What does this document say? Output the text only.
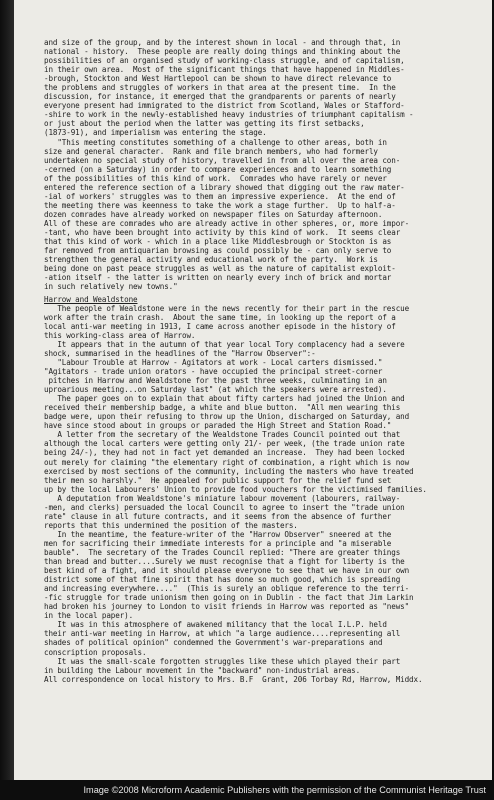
and size of the group, and by the interest shown in local - and through that, in
national - history.  These people are really doing things and thinking about the
possibilities of an organised study of working-class struggle, and of capitalism,
in their own area.  Most of the significant things that have happened in Middles-
-brough, Stockton and West Hartlepool can be shown to have direct relevance to
the problems and struggles of workers in that area at the present time.  In the
discussion, for instance, it emerged that the grandparents or parents of nearly
everyone present had immigrated to the district from Scotland, Wales or Stafford-
-shire to work in the newly-established heavy industries of triumphant capitalism -
or just about the period when the latter was getting its first setbacks,
(1873-91), and imperialism was entering the stage.
"This meeting constitutes something of a challenge to other areas, both in
size and general character.  Rank and file branch members, who had formerly
undertaken no special study of history, travelled in from all over the area con-
-cerned (on a Saturday) in order to compare experiences and to learn something
of the possibilities of this kind of work.  Comrades who have rarely or never
entered the reference section of a library showed that digging out the raw mater-
-ial of workers' struggles was to them an impressive experience.  At the end of
the meeting there was keenness to take the work a stage further.  Up to half-a-
dozen comrades have already worked on newspaper files on Saturday afternoon.
All of these are comrades who are already active in other spheres, or, more impor-
-tant, who have been brought into activity by this kind of work.  It seems clear
that this kind of work - which in a place like Middlesbrough or Stockton is as
far removed from antiquarian browsing as could possibly be - can only serve to
strengthen the general activity and educational work of the party.  Work is
being done on past peace struggles as well as the nature of capitalist exploit-
-ation itself - the latter is written on nearly every inch of brick and mortar
in such relatively new towns."
Harrow and Wealdstone
The people of Wealdstone were in the news recently for their part in the rescue
work after the train crash.  About the same time, in looking up the report of a
local anti-war meeting in 1913, I came across another episode in the history of
this working-class area of Harrow.
It appears that in the autumn of that year local Tory complacency had a severe
shock, summarised in the headlines of the "Harrow Observer":-
"Labour Trouble at Harrow - Agitators at work - Local carters dismissed."
"Agitators - trade union orators - have occupied the principal street-corner
pitches in Harrow and Wealdstone for the past three weeks, culminating in an
uproarious meeting...on Saturday last" (at which the speakers were arrested).
The paper goes on to explain that about fifty carters had joined the Union and
received their membership badge, a white and blue button.  "All men wearing this
badge were, upon their refusing to throw up the Union, discharged on Saturday, and
have since stood about in groups or paraded the High Street and Station Road."
A letter from the secretary of the Wealdstone Trades Council pointed out that
although the local carters were getting only 21/- per week, (the trade union rate
being 24/-), they had not in fact yet demanded an increase.  They had been locked
out merely for claiming "the elementary right of combination, a right which is now
exercised by most sections of the community, including the masters who have treated
their men so harshly."  He appealed for public support for the relief fund set
up by the local Labourers' Union to provide food vouchers for the victimised families.
A deputation from Wealdstone's miniature labour movement (labourers, railway-
-men, and clerks) persuaded the local Council to agree to insert the "trade union
rate" clause in all future contracts, and it seems from the absence of further
reports that this undermined the position of the masters.
In the meantime, the feature-writer of the "Harrow Observer" sneered at the
men for sacrificing their immediate interests for a principle and "a miserable
bauble".  The secretary of the Trades Council replied: "There are greater things
than bread and butter....Surely we must recognise that a fight for liberty is the
best kind of a fight, and it should please everyone to see that we have in our own
district some of that fine spirit that has done so much good, which is spreading
and increasing everywhere...."  (This is surely an oblique reference to the terri-
-fic struggle for trade unionism then going on in Dublin - the fact that Jim Larkin
had broken his journey to London to visit friends in Harrow was reported as "news"
in the local paper).
It was in this atmosphere of awakened militancy that the local I.L.P. held
their anti-war meeting in Harrow, at which "a large audience....representing all
shades of political opinion" condemned the Government's war-preparations and
conscription proposals.
It was the small-scale forgotten struggles like these which played their part
in building the Labour movement in the "backward" non-industrial areas.
All correspondence on local history to Mrs. B.F  Grant, 206 Torbay Rd, Harrow, Middx.
Image ©2008 Microform Academic Publishers with the permission of the Communist Heritage Trust
